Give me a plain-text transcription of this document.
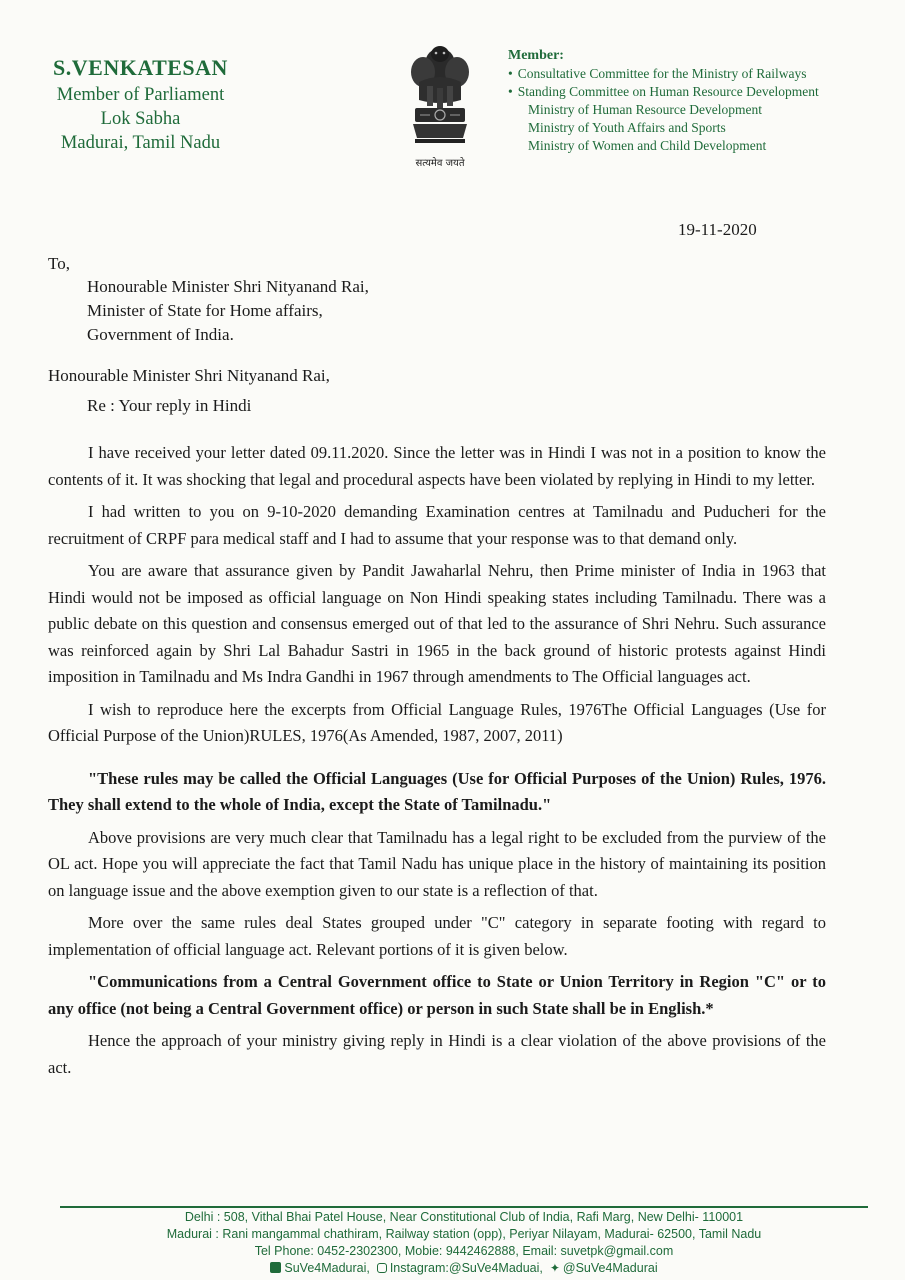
S.VENKATESAN
Member of Parliament
Lok Sabha
Madurai, Tamil Nadu
सत्यमेव जयते
Member:
• Consultative Committee for the Ministry of Railways
• Standing Committee on Human Resource Development
Ministry of Human Resource Development
Ministry of Youth Affairs and Sports
Ministry of Women and Child Development
19-11-2020
To,
Honourable Minister Shri Nityanand Rai,
Minister of State for Home affairs,
Government of India.
Honourable Minister Shri Nityanand Rai,
Re : Your reply in Hindi

I have received your letter dated 09.11.2020. Since the letter was in Hindi I was not in a position to know the contents of it. It was shocking that legal and procedural aspects have been violated by replying in Hindi to my letter.

I had written to you on 9-10-2020 demanding Examination centres at Tamilnadu and Puducheri for the recruitment of CRPF para medical staff and I had to assume that your response was to that demand only.

You are aware that assurance given by Pandit Jawaharlal Nehru, then Prime minister of India in 1963 that Hindi would not be imposed as official language on Non Hindi speaking states including Tamilnadu. There was a public debate on this question and consensus emerged out of that led to the assurance of Shri Nehru. Such assurance was reinforced again by Shri Lal Bahadur Sastri in 1965 in the back ground of historic protests against Hindi imposition in Tamilnadu and Ms Indra Gandhi in 1967 through amendments to The Official languages act.

I wish to reproduce here the excerpts from Official Language Rules, 1976The Official Languages (Use for Official Purpose of the Union)RULES, 1976(As Amended, 1987, 2007, 2011)

"These rules may be called the Official Languages (Use for Official Purposes of the Union) Rules, 1976. They shall extend to the whole of India, except the State of Tamilnadu."

Above provisions are very much clear that Tamilnadu has a legal right to be excluded from the purview of the OL act. Hope you will appreciate the fact that Tamil Nadu has unique place in the history of maintaining its position on language issue and the above exemption given to our state is a reflection of that.

More over the same rules deal States grouped under "C" category in separate footing with regard to implementation of official language act. Relevant portions of it is given below.

"Communications from a Central Government office to State or Union Territory in Region "C" or to any office (not being a Central Government office) or person in such State shall be in English.*

Hence the approach of your ministry giving reply in Hindi is a clear violation of the above provisions of the act.

Delhi : 508, Vithal Bhai Patel House, Near Constitutional Club of India, Rafi Marg, New Delhi- 110001
Madurai : Rani mangammal chathiram, Railway station (opp), Periyar Nilayam, Madurai- 62500, Tamil Nadu
Tel Phone: 0452-2302300, Mobie: 9442462888, Email: suvetpk@gmail.com
SuVe4Madurai, Instagram:@SuVe4Maduai, ✦ @SuVe4Madurai
